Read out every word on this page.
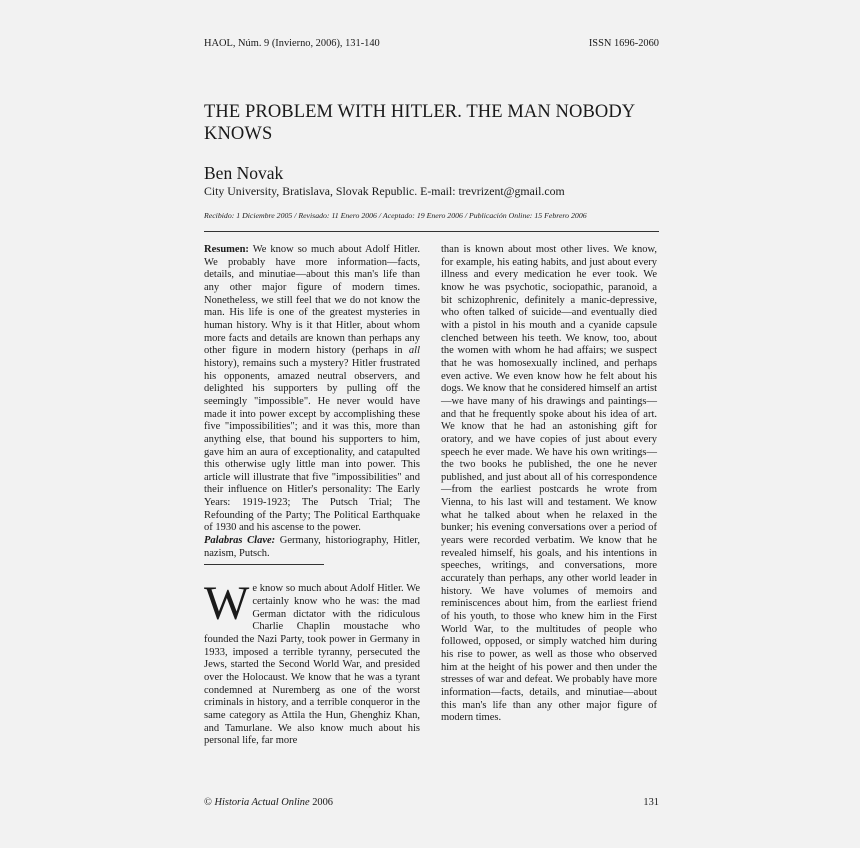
HAOL, Núm. 9 (Invierno, 2006), 131-140	ISSN 1696-2060
THE PROBLEM WITH HITLER. THE MAN NOBODY KNOWS
Ben Novak
City University, Bratislava, Slovak Republic. E-mail: trevrizent@gmail.com
Recibido: 1 Diciembre 2005 / Revisado: 11 Enero 2006 / Aceptado: 19 Enero 2006 / Publicación Online: 15 Febrero 2006

Resumen: We know so much about Adolf Hitler. We probably have more information—facts, details, and minutiae—about this man's life than any other major figure of modern times. Nonetheless, we still feel that we do not know the man. His life is one of the greatest mysteries in human history. Why is it that Hitler, about whom more facts and details are known than perhaps any other figure in modern history (perhaps in all history), remains such a mystery? Hitler frustrated his opponents, amazed neutral observers, and delighted his supporters by pulling off the seemingly "impossible". He never would have made it into power except by accomplishing these five "impossibilities"; and it was this, more than anything else, that bound his supporters to him, gave him an aura of exceptionality, and catapulted this otherwise ugly little man into power. This article will illustrate that five "impossibilities" and their influence on Hitler's personality: The Early Years: 1919-1923; The Putsch Trial; The Refounding of the Party; The Political Earthquake of 1930 and his ascense to the power.

Palabras Clave: Germany, historiography, Hitler, nazism, Putsch.

We know so much about Adolf Hitler. We certainly know who he was: the mad German dictator with the ridiculous Charlie Chaplin moustache who founded the Nazi Party, took power in Germany in 1933, imposed a terrible tyranny, persecuted the Jews, started the Second World War, and presided over the Holocaust. We know that he was a tyrant condemned at Nuremberg as one of the worst criminals in history, and a terrible conqueror in the same category as Attila the Hun, Ghenghiz Khan, and Tamurlane. We also know much about his personal life, far more

than is known about most other lives. We know, for example, his eating habits, and just about every illness and every medication he ever took. We know he was psychotic, sociopathic, paranoid, a bit schizophrenic, definitely a manic-depressive, who often talked of suicide—and eventually died with a pistol in his mouth and a cyanide capsule clenched between his teeth. We know, too, about the women with whom he had affairs; we suspect that he was homosexually inclined, and perhaps even active. We even know how he felt about his dogs. We know that he considered himself an artist—we have many of his drawings and paintings—and that he frequently spoke about his idea of art. We know that he had an astonishing gift for oratory, and we have copies of just about every speech he ever made. We have his own writings—the two books he published, the one he never published, and just about all of his correspondence—from the earliest postcards he wrote from Vienna, to his last will and testament. We know what he talked about when he relaxed in the bunker; his evening conversations over a period of years were recorded verbatim. We know that he revealed himself, his goals, and his intentions in speeches, writings, and conversations, more accurately than perhaps, any other world leader in history. We have volumes of memoirs and reminiscences about him, from the earliest friend of his youth, to those who knew him in the First World War, to the multitudes of people who followed, opposed, or simply watched him during his rise to power, as well as those who observed him at the height of his power and then under the stresses of war and defeat. We probably have more information—facts, details, and minutiae—about this man's life than any other major figure of modern times.

© Historia Actual Online 2006	131
